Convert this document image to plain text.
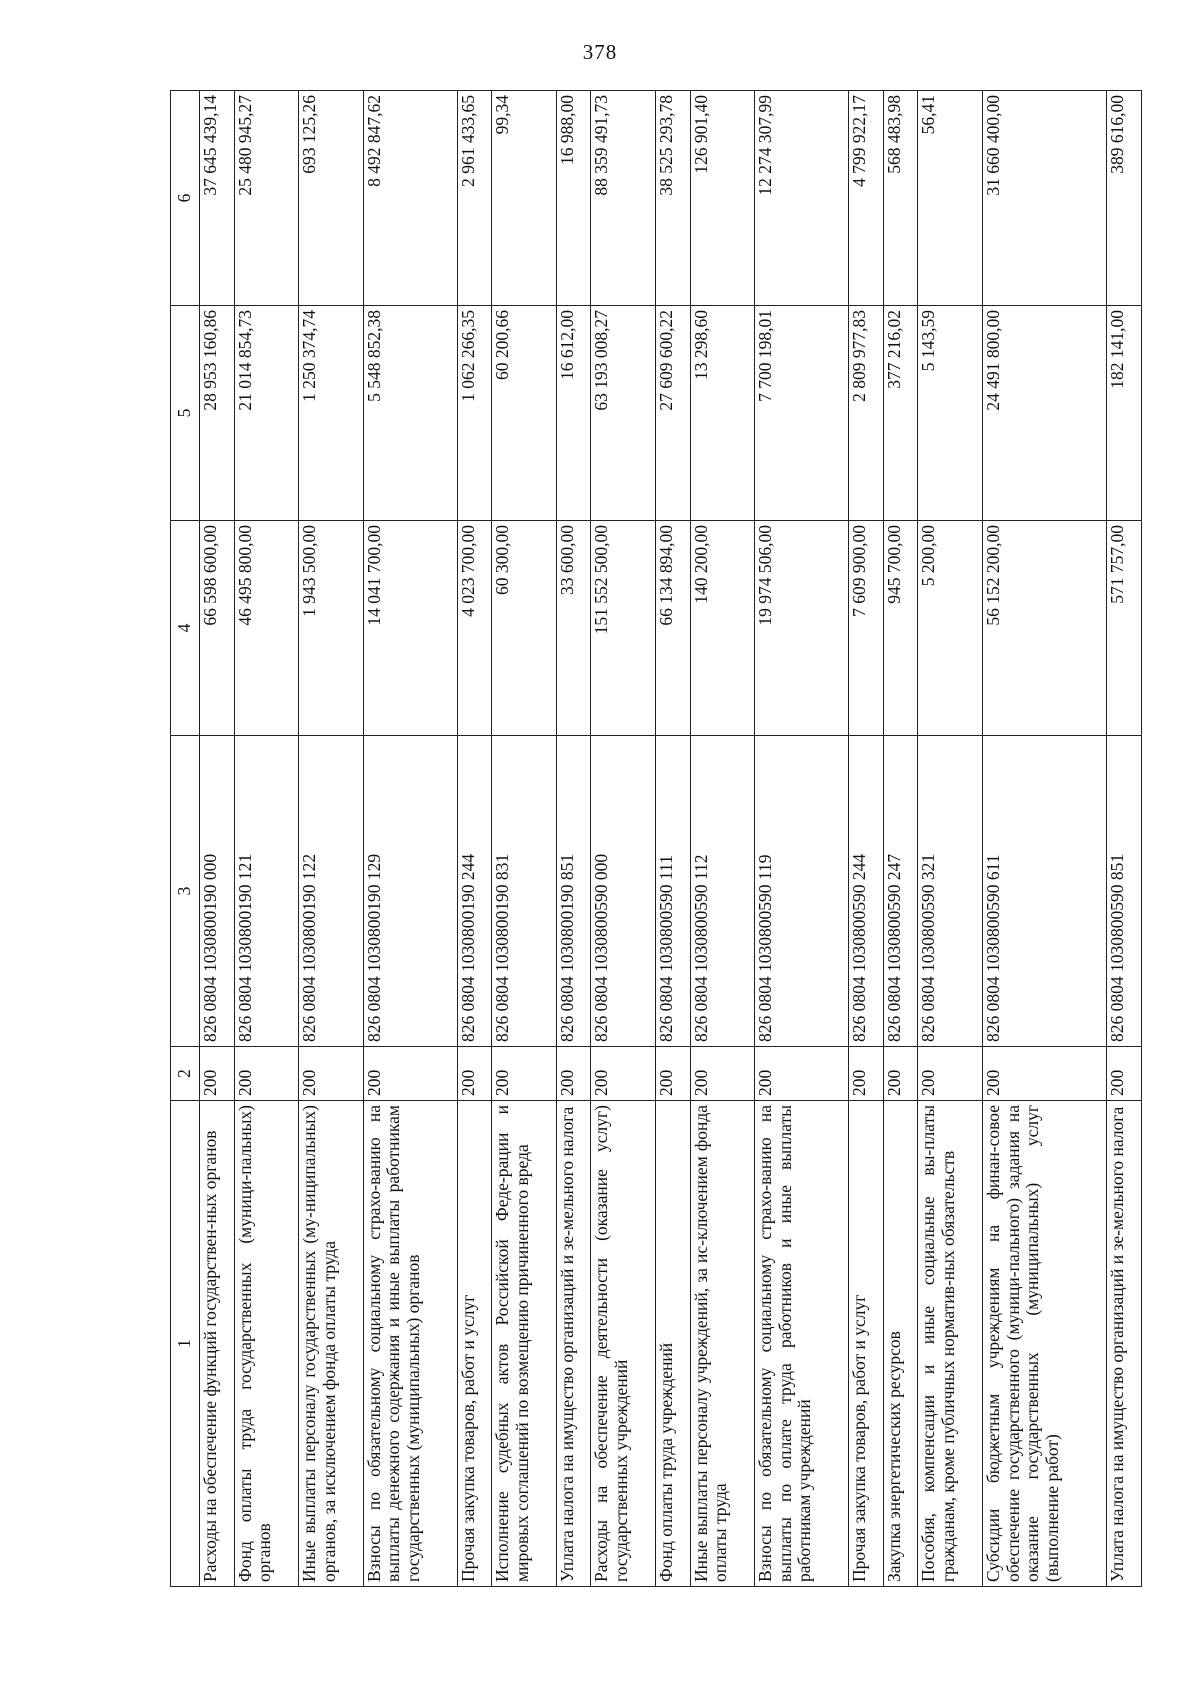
378
1	2	3	4	5	6
Расходы на обеспечение функций государствен-ных органов	200	826 0804 1030800190 000	66 598 600,00	28 953 160,86	37 645 439,14
Фонд оплаты труда государственных (муници-пальных) органов	200	826 0804 1030800190 121	46 495 800,00	21 014 854,73	25 480 945,27
Иные выплаты персоналу государственных (му-ниципальных) органов, за исключением фонда оплаты труда	200	826 0804 1030800190 122	1 943 500,00	1 250 374,74	693 125,26
Взносы по обязательному социальному страхо-ванию на выплаты денежного содержания и иные выплаты работникам государственных (муниципальных) органов	200	826 0804 1030800190 129	14 041 700,00	5 548 852,38	8 492 847,62
Прочая закупка товаров, работ и услуг	200	826 0804 1030800190 244	4 023 700,00	1 062 266,35	2 961 433,65
Исполнение судебных актов Российской Феде-рации и мировых соглашений по возмещению причиненного вреда	200	826 0804 1030800190 831	60 300,00	60 200,66	99,34
Уплата налога на имущество организаций и зе-мельного налога	200	826 0804 1030800190 851	33 600,00	16 612,00	16 988,00
Расходы на обеспечение деятельности (оказание услуг) государственных учреждений	200	826 0804 1030800590 000	151 552 500,00	63 193 008,27	88 359 491,73
Фонд оплаты труда учреждений	200	826 0804 1030800590 111	66 134 894,00	27 609 600,22	38 525 293,78
Иные выплаты персоналу учреждений, за ис-ключением фонда оплаты труда	200	826 0804 1030800590 112	140 200,00	13 298,60	126 901,40
Взносы по обязательному социальному страхо-ванию на выплаты по оплате труда работников и иные выплаты работникам учреждений	200	826 0804 1030800590 119	19 974 506,00	7 700 198,01	12 274 307,99
Прочая закупка товаров, работ и услуг	200	826 0804 1030800590 244	7 609 900,00	2 809 977,83	4 799 922,17
Закупка энергетических ресурсов	200	826 0804 1030800590 247	945 700,00	377 216,02	568 483,98
Пособия, компенсации и иные социальные вы-платы гражданам, кроме публичных норматив-ных обязательств	200	826 0804 1030800590 321	5 200,00	5 143,59	56,41
Субсидии бюджетным учреждениям на финан-совое обеспечение государственного (муници-пального) задания на оказание государственных (муниципальных) услуг (выполнение работ)	200	826 0804 1030800590 611	56 152 200,00	24 491 800,00	31 660 400,00
Уплата налога на имущество организаций и зе-мельного налога	200	826 0804 1030800590 851	571 757,00	182 141,00	389 616,00
